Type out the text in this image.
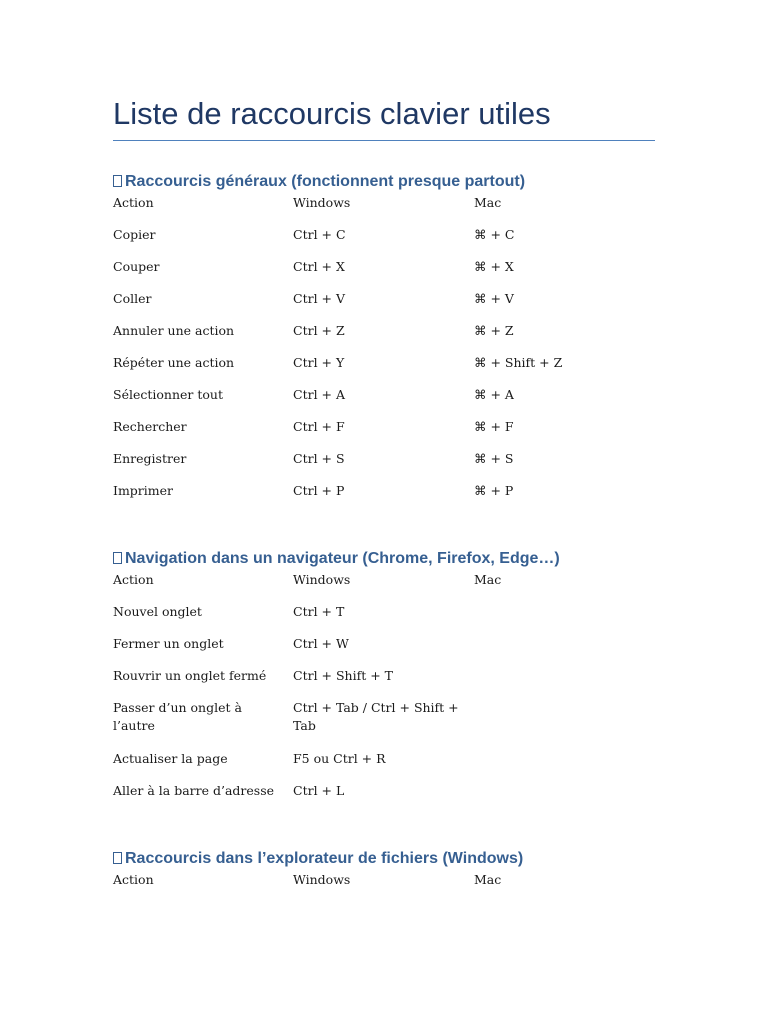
Liste de raccourcis clavier utiles
Raccourcis généraux (fonctionnent presque partout)
Action	Windows	Mac
Copier	Ctrl + C	⌘ + C
Couper	Ctrl + X	⌘ + X
Coller	Ctrl + V	⌘ + V
Annuler une action	Ctrl + Z	⌘ + Z
Répéter une action	Ctrl + Y	⌘ + Shift + Z
Sélectionner tout	Ctrl + A	⌘ + A
Rechercher	Ctrl + F	⌘ + F
Enregistrer	Ctrl + S	⌘ + S
Imprimer	Ctrl + P	⌘ + P
Navigation dans un navigateur (Chrome, Firefox, Edge…)
Action	Windows	Mac
Nouvel onglet	Ctrl + T	
Fermer un onglet	Ctrl + W	
Rouvrir un onglet fermé	Ctrl + Shift + T	
Passer d’un onglet à l’autre	Ctrl + Tab / Ctrl + Shift + Tab	
Actualiser la page	F5 ou Ctrl + R	
Aller à la barre d’adresse	Ctrl + L	
Raccourcis dans l’explorateur de fichiers (Windows)
Action	Windows	Mac
